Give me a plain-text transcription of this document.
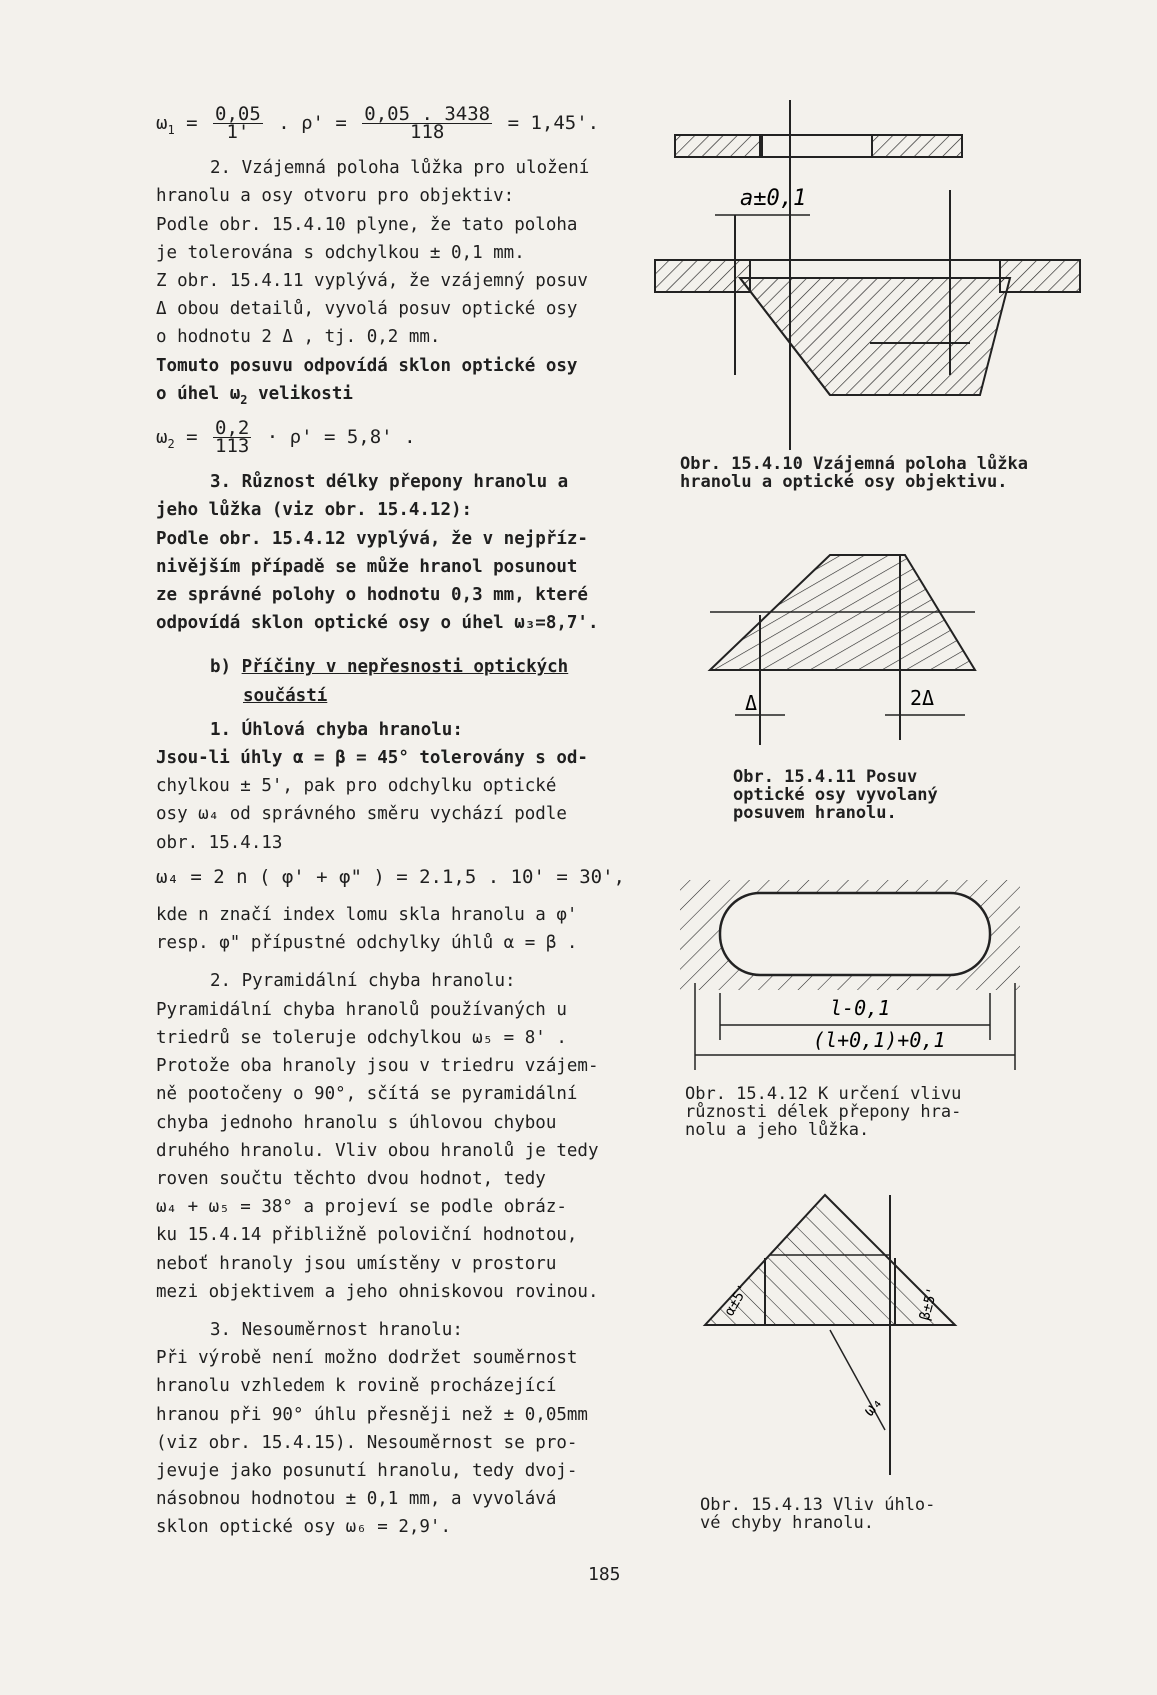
$\omega_1 = \frac{0,05}{1'}$ . $\rho' = \frac{0,05 . 3438}{118} = 1,45'$.

2. Vzájemná poloha lůžka pro uložení

hranolu a osy otvoru pro objektiv:

Podle obr. 15.4.10 plyne, že tato poloha

je tolerována s odchylkou ± 0,1 mm.

Z obr. 15.4.11 vyplývá, že vzájemný posuv

Δ obou detailů, vyvolá posuv optické osy

o hodnotu 2 Δ , tj. 0,2 mm.

Tomuto posuvu odpovídá sklon optické osy

o úhel $\omega_2$ velikosti

$\omega_2 = \frac{0,2}{113} \cdot \rho' = 5,8'$ .

3. Různost délky přepony hranolu a

jeho lůžka (viz obr. 15.4.12):

Podle obr. 15.4.12 vyplývá, že v nejpříz-

nivějším případě se může hranol posunout

ze správné polohy o hodnotu 0,3 mm, které

odpovídá sklon optické osy o úhel ω₃=8,7'.

b) Příčiny v nepřesnosti optických

součástí

1. Úhlová chyba hranolu:

Jsou-li úhly α = β = 45° tolerovány s od-

chylkou ± 5', pak pro odchylku optické

osy ω₄ od správného směru vychází podle

obr. 15.4.13

ω₄ = 2 n ( φ' + φ" ) = 2.1,5 . 10' = 30',

kde n značí index lomu skla hranolu a φ'

resp. φ" přípustné odchylky úhlů α = β .

2. Pyramidální chyba hranolu:

Pyramidální chyba hranolů používaných u

triedrů se toleruje odchylkou ω₅ = 8' .

Protože oba hranoly jsou v triedru vzájem-

ně pootočeny o 90°, sčítá se pyramidální

chyba jednoho hranolu s úhlovou chybou

druhého hranolu. Vliv obou hranolů je tedy

roven součtu těchto dvou hodnot, tedy

ω₄ + ω₅ = 38° a projeví se podle obráz-

ku 15.4.14 přibližně poloviční hodnotou,

neboť hranoly jsou umístěny v prostoru

mezi objektivem a jeho ohniskovou rovinou.

3. Nesouměrnost hranolu:

Při výrobě není možno dodržet souměrnost

hranolu vzhledem k rovině procházející

hranou při 90° úhlu přesněji než ± 0,05mm

(viz obr. 15.4.15). Nesouměrnost se pro-

jevuje jako posunutí hranolu, tedy dvoj-

násobnou hodnotou ± 0,1 mm, a vyvolává

sklon optické osy ω₆ = 2,9'.

185
a±0,1
Obr. 15.4.10 Vzájemná poloha lůžka
hranolu a optické osy objektivu.
Δ	2Δ
Obr. 15.4.11 Posuv
optické osy vyvolaný
posuvem hranolu.
l-0,1
(l+0,1)+0,1
Obr. 15.4.12 K určení vlivu
různosti délek přepony hra-
nolu a jeho lůžka.
α±5'	β±5'
ω₄
Obr. 15.4.13 Vliv úhlo-
vé chyby hranolu.
